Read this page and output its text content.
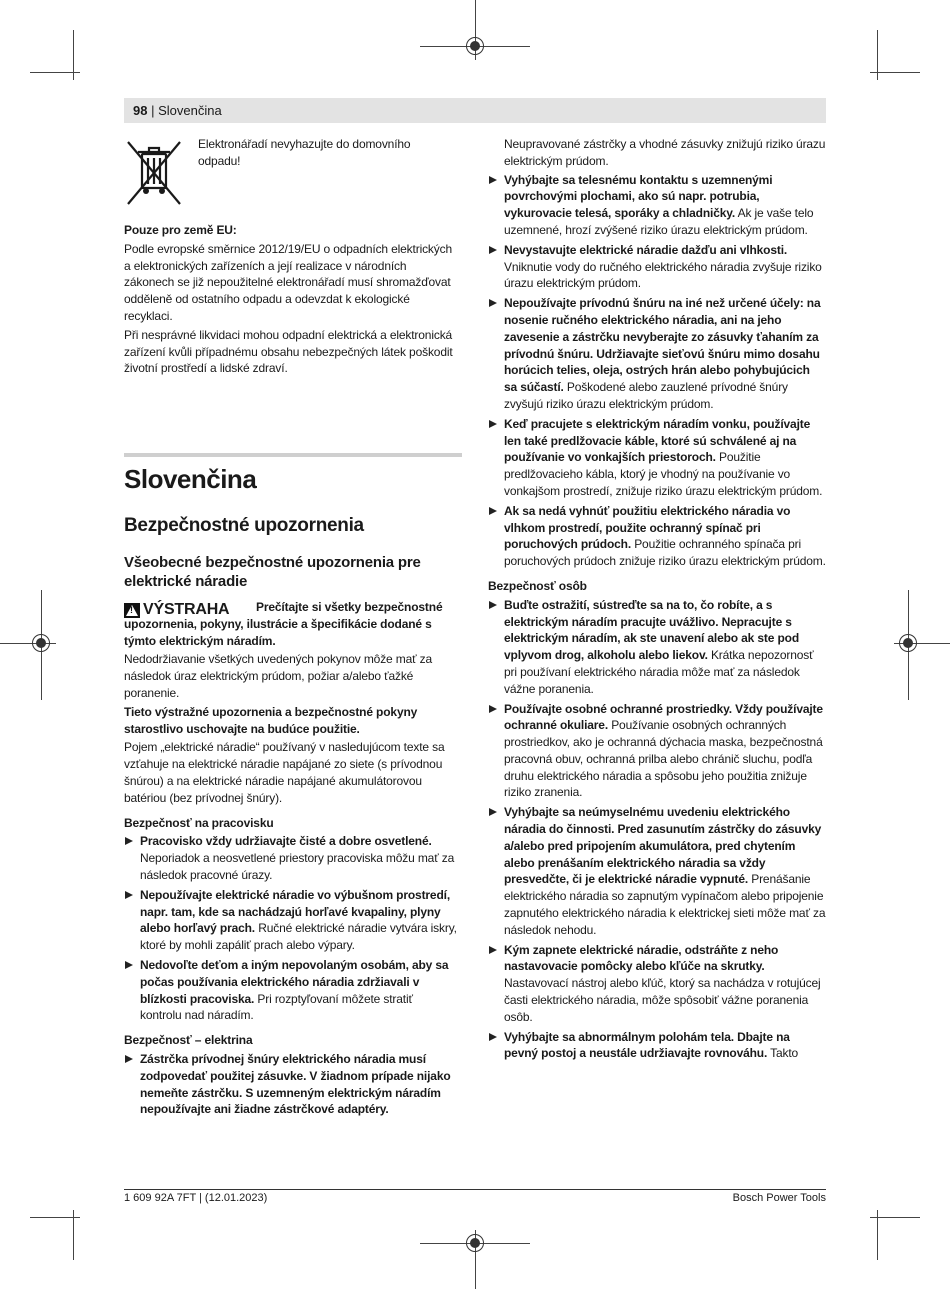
98 | Slovenčina
Elektronářadí nevyhazujte do domovního odpadu!

Pouze pro země EU:

Podle evropské směrnice 2012/19/EU o odpadních elektrických a elektronických zařízeních a její realizace v národních zákonech se již nepoužitelné elektronářadí musí shromažďovat odděleně od ostatního odpadu a odevzdat k ekologické recyklaci.

Při nesprávné likvidaci mohou odpadní elektrická a elektronická zařízení kvůli případnému obsahu nebezpečných látek poškodit životní prostředí a lidské zdraví.

Slovenčina
Bezpečnostné upozornenia
Všeobecné bezpečnostné upozornenia pre elektrické náradie
!
VÝSTRAHA	Prečítajte si všetky bezpečnostné upozornenia, pokyny, ilustrácie a špecifikácie dodané s týmto elektrickým náradím.

Nedodržiavanie všetkých uvedených pokynov môže mať za následok úraz elektrickým prúdom, požiar a/alebo ťažké poranenie.

Tieto výstražné upozornenia a bezpečnostné pokyny starostlivo uschovajte na budúce použitie.

Pojem „elektrické náradie“ používaný v nasledujúcom texte sa vzťahuje na elektrické náradie napájané zo siete (s prívodnou šnúrou) a na elektrické náradie napájané akumulátorovou batériou (bez prívodnej šnúry).

Bezpečnosť na pracovisku
Pracovisko vždy udržiavajte čisté a dobre osvetlené. Neporiadok a neosvetlené priestory pracoviska môžu mať za následok pracovné úrazy.
Nepoužívajte elektrické náradie vo výbušnom prostredí, napr. tam, kde sa nachádzajú horľavé kvapaliny, plyny alebo horľavý prach. Ručné elektrické náradie vytvára iskry, ktoré by mohli zapáliť prach alebo výpary.
Nedovoľte deťom a iným nepovolaným osobám, aby sa počas používania elektrického náradia zdržiavali v blízkosti pracoviska. Pri rozptyľovaní môžete stratiť kontrolu nad náradím.
Bezpečnosť – elektrina
Zástrčka prívodnej šnúry elektrického náradia musí zodpovedať použitej zásuvke. V žiadnom prípade nijako nemeňte zástrčku. S uzemneným elektrickým náradím nepoužívajte ani žiadne zástrčkové adaptéry.

Neupravované zástrčky a vhodné zásuvky znižujú riziko úrazu elektrickým prúdom.

Vyhýbajte sa telesnému kontaktu s uzemnenými povrchovými plochami, ako sú napr. potrubia, vykurovacie telesá, sporáky a chladničky. Ak je vaše telo uzemnené, hrozí zvýšené riziko úrazu elektrickým prúdom.
Nevystavujte elektrické náradie dažďu ani vlhkosti. Vniknutie vody do ručného elektrického náradia zvyšuje riziko úrazu elektrickým prúdom.
Nepoužívajte prívodnú šnúru na iné než určené účely: na nosenie ručného elektrického náradia, ani na jeho zavesenie a zástrčku nevyberajte zo zásuvky ťahaním za prívodnú šnúru. Udržiavajte sieťovú šnúru mimo dosahu horúcich telies, oleja, ostrých hrán alebo pohybujúcich sa súčastí. Poškodené alebo zauzlené prívodné šnúry zvyšujú riziko úrazu elektrickým prúdom.
Keď pracujete s elektrickým náradím vonku, používajte len také predlžovacie káble, ktoré sú schválené aj na používanie vo vonkajších priestoroch. Použitie predlžovacieho kábla, ktorý je vhodný na používanie vo vonkajšom prostredí, znižuje riziko úrazu elektrickým prúdom.
Ak sa nedá vyhnúť použitiu elektrického náradia vo vlhkom prostredí, použite ochranný spínač pri poruchových prúdoch. Použitie ochranného spínača pri poruchových prúdoch znižuje riziko úrazu elektrickým prúdom.
Bezpečnosť osôb
Buďte ostražití, sústreďte sa na to, čo robíte, a s elektrickým náradím pracujte uvážlivo. Nepracujte s elektrickým náradím, ak ste unavení alebo ak ste pod vplyvom drog, alkoholu alebo liekov. Krátka nepozornosť pri používaní elektrického náradia môže mať za následok vážne poranenia.
Používajte osobné ochranné prostriedky. Vždy používajte ochranné okuliare. Používanie osobných ochranných prostriedkov, ako je ochranná dýchacia maska, bezpečnostná pracovná obuv, ochranná prilba alebo chránič sluchu, podľa druhu elektrického náradia a spôsobu jeho použitia znižuje riziko zranenia.
Vyhýbajte sa neúmyselnému uvedeniu elektrického náradia do činnosti. Pred zasunutím zástrčky do zásuvky a/alebo pred pripojením akumulátora, pred chytením alebo prenášaním elektrického náradia sa vždy presvedčte, či je elektrické náradie vypnuté. Prenášanie elektrického náradia so zapnutým vypínačom alebo pripojenie zapnutého elektrického náradia k elektrickej sieti môže mať za následok nehodu.
Kým zapnete elektrické náradie, odstráňte z neho nastavovacie pomôcky alebo kľúče na skrutky. Nastavovací nástroj alebo kľúč, ktorý sa nachádza v rotujúcej časti elektrického náradia, môže spôsobiť vážne poranenia osôb.
Vyhýbajte sa abnormálnym polohám tela. Dbajte na pevný postoj a neustále udržiavajte rovnováhu. Takto
1 609 92A 7FT | (12.01.2023)	Bosch Power Tools
